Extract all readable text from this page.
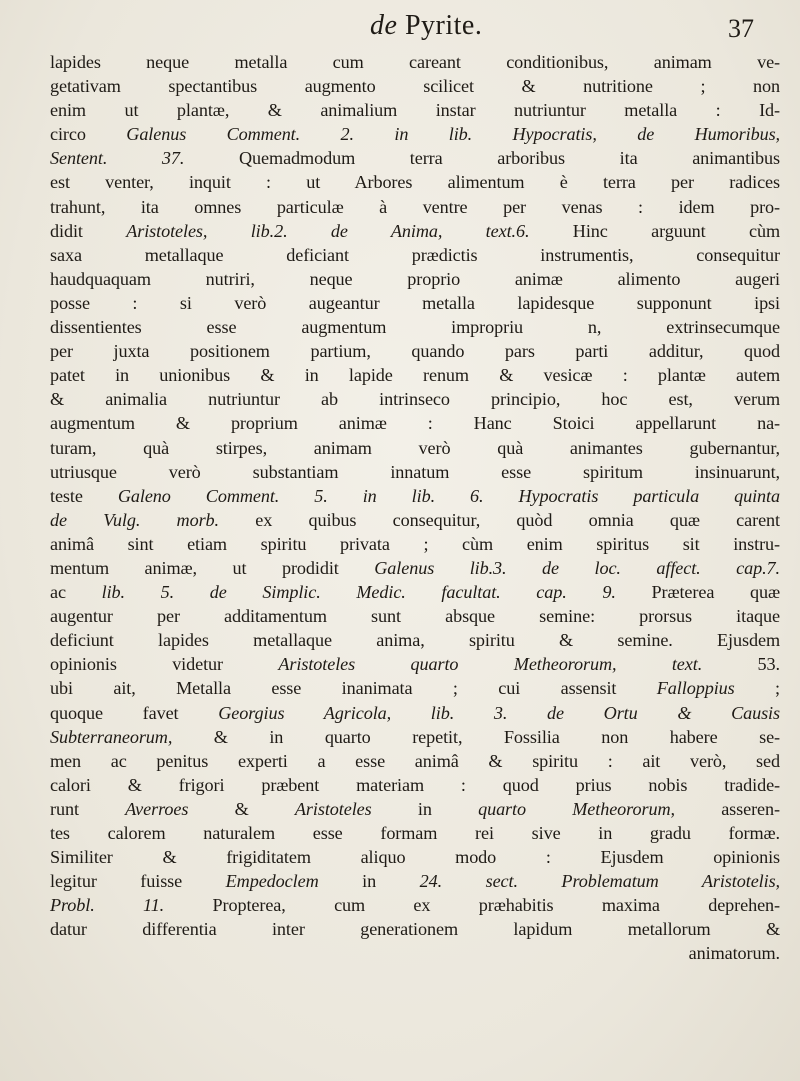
de Pyrite.	37
lapides neque metalla cum careant conditionibus, animam ve-
getativam spectantibus augmento scilicet & nutritione ; non
enim ut plantæ, & animalium instar nutriuntur metalla : Id-
circo Galenus Comment. 2. in lib. Hypocratis, de Humoribus,
Sentent. 37. Quemadmodum terra arboribus ita animantibus
est venter, inquit : ut Arbores alimentum è terra per radices
trahunt, ita omnes particulæ à ventre per venas : idem pro-
didit Aristoteles, lib.2. de Anima, text.6. Hinc arguunt cùm
saxa metallaque deficiant prædictis instrumentis, consequitur
haudquaquam nutriri, neque proprio animæ alimento augeri
posse : si verò augeantur metalla lapidesque supponunt ipsi
dissentientes esse augmentum impropriu n, extrinsecumque
per juxta positionem partium, quando pars parti additur, quod
patet in unionibus & in lapide renum & vesicæ : plantæ autem
& animalia nutriuntur ab intrinseco principio, hoc est, verum
augmentum & proprium animæ : Hanc Stoici appellarunt na-
turam, quà stirpes, animam verò quà animantes gubernantur,
utriusque verò substantiam innatum esse spiritum insinuarunt,
teste Galeno Comment. 5. in lib. 6. Hypocratis particula quinta
de Vulg. morb. ex quibus consequitur, quòd omnia quæ carent
animâ sint etiam spiritu privata ; cùm enim spiritus sit instru-
mentum animæ, ut prodidit Galenus lib.3. de loc. affect. cap.7.
ac lib. 5. de Simplic. Medic. facultat. cap. 9. Præterea quæ
augentur per additamentum sunt absque semine: prorsus itaque
deficiunt lapides metallaque anima, spiritu & semine. Ejusdem
opinionis videtur Aristoteles quarto Metheororum, text. 53.
ubi ait, Metalla esse inanimata ; cui assensit Falloppius ;
quoque favet Georgius Agricola, lib. 3. de Ortu & Causis
Subterraneorum, & in quarto repetit, Fossilia non habere se-
men ac penitus experti a esse animâ & spiritu : ait verò, sed
calori & frigori præbent materiam : quod prius nobis tradide-
runt Averroes & Aristoteles in quarto Metheororum, asseren-
tes calorem naturalem esse formam rei sive in gradu formæ.
Similiter & frigiditatem aliquo modo : Ejusdem opinionis
legitur fuisse Empedoclem in 24. sect. Problematum Aristotelis,
Probl. 11. Propterea, cum ex præhabitis maxima deprehen-
datur differentia inter generationem lapidum metallorum &
animatorum.
